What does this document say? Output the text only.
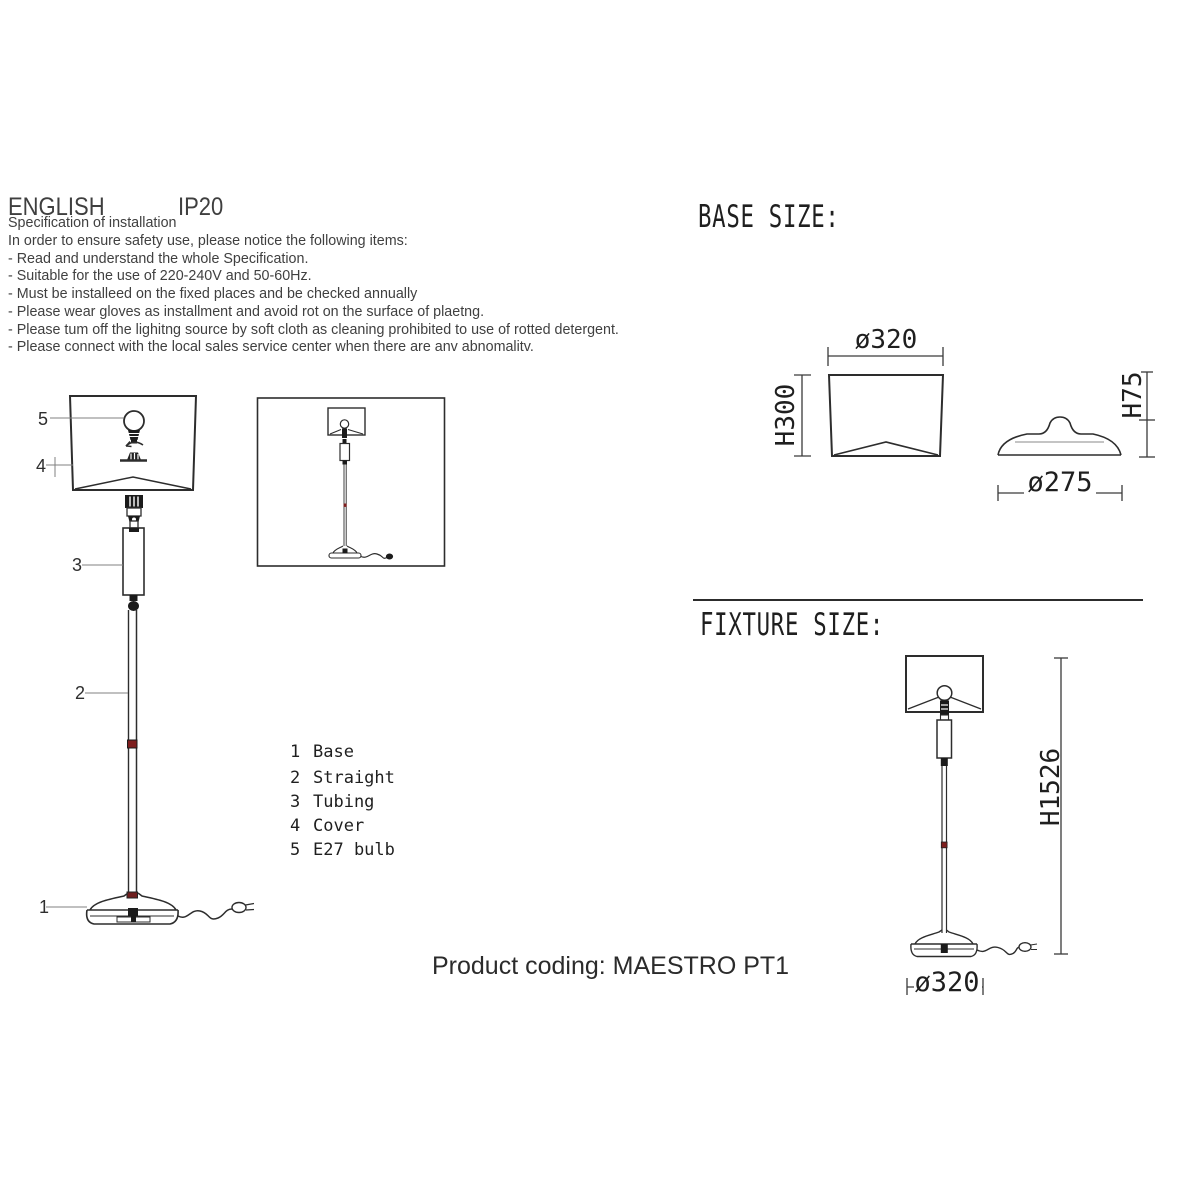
ENGLISH	IP20
Specification of installation
In order to ensure safety use, please notice the following items:
- Read and understand the whole Specification.
- Suitable for the use of 220-240V and 50-60Hz.
- Must be installeed on the fixed places and be checked annually
- Please wear gloves as installment and avoid rot on the surface of plaetng.
- Please tum off the lighitng source by soft cloth as cleaning prohibited to use of rotted detergent.
- Please connect with the local sales service center when there are anv abnomalitv.
5
4
3
2
1
1 Base
2 Straight
3 Tubing
4 Cover
5 E27 bulb
Product coding: MAESTRO PT1
BASE SIZE:
ø320
H300
ø275
H75
FIXTURE SIZE:
H1526
ø320
